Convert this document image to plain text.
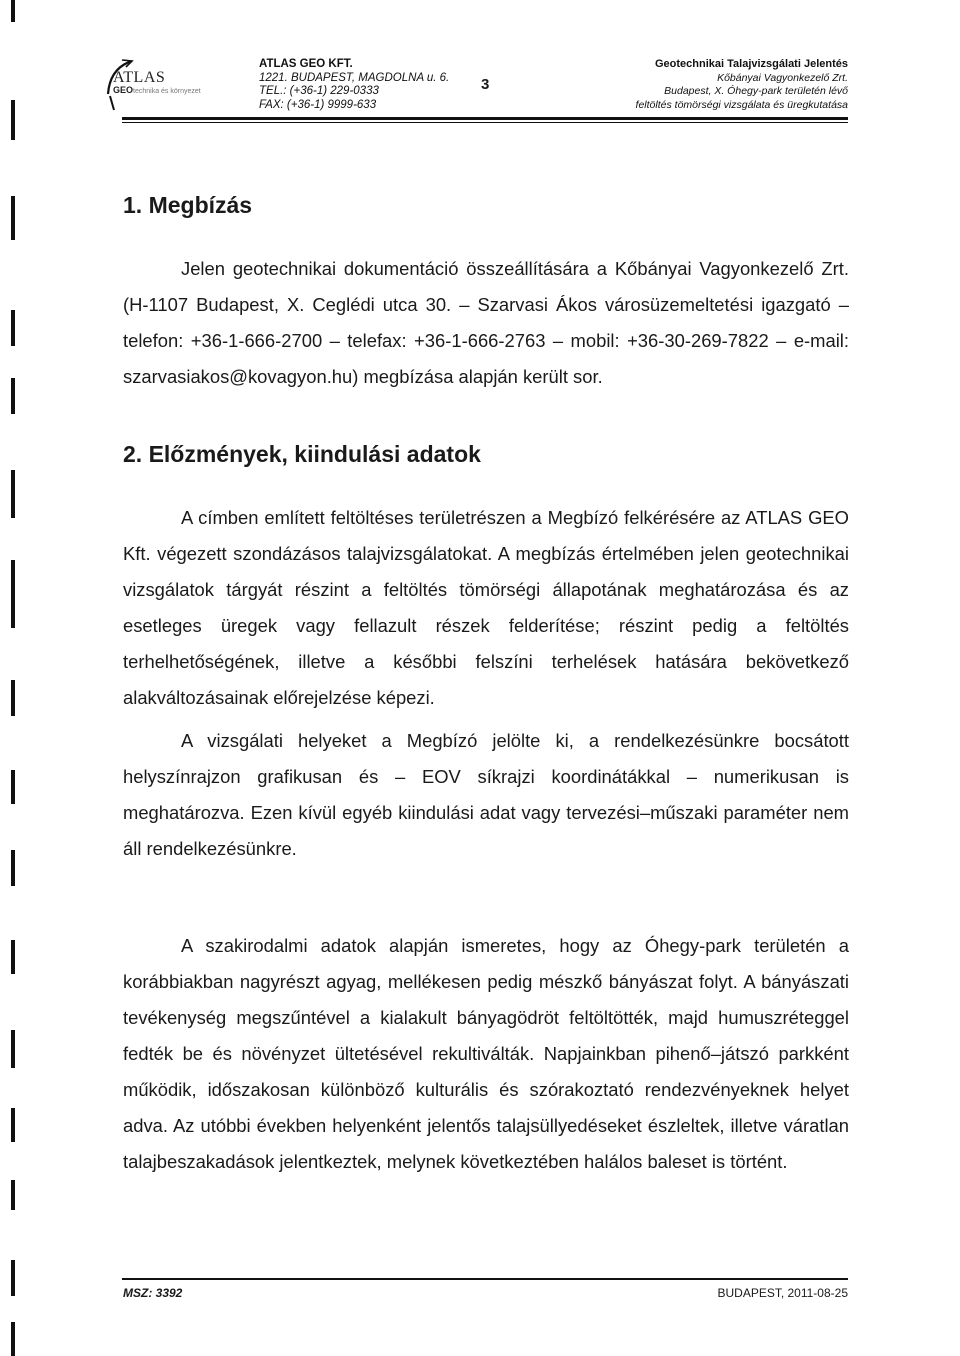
ATLAS
GEOtechnika és környezet
ATLAS GEO KFT.
1221. BUDAPEST, MAGDOLNA u. 6.
TEL.: (+36-1) 229-0333
FAX: (+36-1) 9999-633
3
Geotechnikai Talajvizsgálati Jelentés
Kőbányai Vagyonkezelő Zrt.
Budapest, X. Óhegy-park területén lévő
feltöltés tömörségi vizsgálata és üregkutatása
1. Megbízás
Jelen geotechnikai dokumentáció összeállítására a Kőbányai Vagyonkezelő Zrt. (H-1107 Budapest, X. Ceglédi utca 30. – Szarvasi Ákos városüzemeltetési igazgató – telefon: +36-1-666-2700 – telefax: +36-1-666-2763 – mobil: +36-30-269-7822 – e-mail: szarvasiakos@kovagyon.hu) megbízása alapján került sor.
2. Előzmények, kiindulási adatok
A címben említett feltöltéses területrészen a Megbízó felkérésére az ATLAS GEO Kft. végezett szondázásos talajvizsgálatokat. A megbízás értelmében jelen geotechnikai vizsgálatok tárgyát részint a feltöltés tömörségi állapotának meghatározása és az esetleges üregek vagy fellazult részek felderítése; részint pedig a feltöltés terhelhetőségének, illetve a későbbi felszíni terhelések hatására bekövetkező alakváltozásainak előrejelzése képezi.
A vizsgálati helyeket a Megbízó jelölte ki, a rendelkezésünkre bocsátott helyszínrajzon grafikusan és – EOV síkrajzi koordinátákkal – numerikusan is meghatározva. Ezen kívül egyéb kiindulási adat vagy tervezési–műszaki paraméter nem áll rendelkezésünkre.
A szakirodalmi adatok alapján ismeretes, hogy az Óhegy-park területén a korábbiakban nagyrészt agyag, mellékesen pedig mészkő bányászat folyt. A bányászati tevékenység megszűntével a kialakult bányagödröt feltöltötték, majd humuszréteggel fedték be és növényzet ültetésével rekultiválták. Napjainkban pihenő–játszó parkként működik, időszakosan különböző kulturális és szórakoztató rendezvényeknek helyet adva. Az utóbbi években helyenként jelentős talajsüllyedéseket észleltek, illetve váratlan talajbeszakadások jelentkeztek, melynek következtében halálos baleset is történt.
MSZ: 3392	BUDAPEST, 2011-08-25
